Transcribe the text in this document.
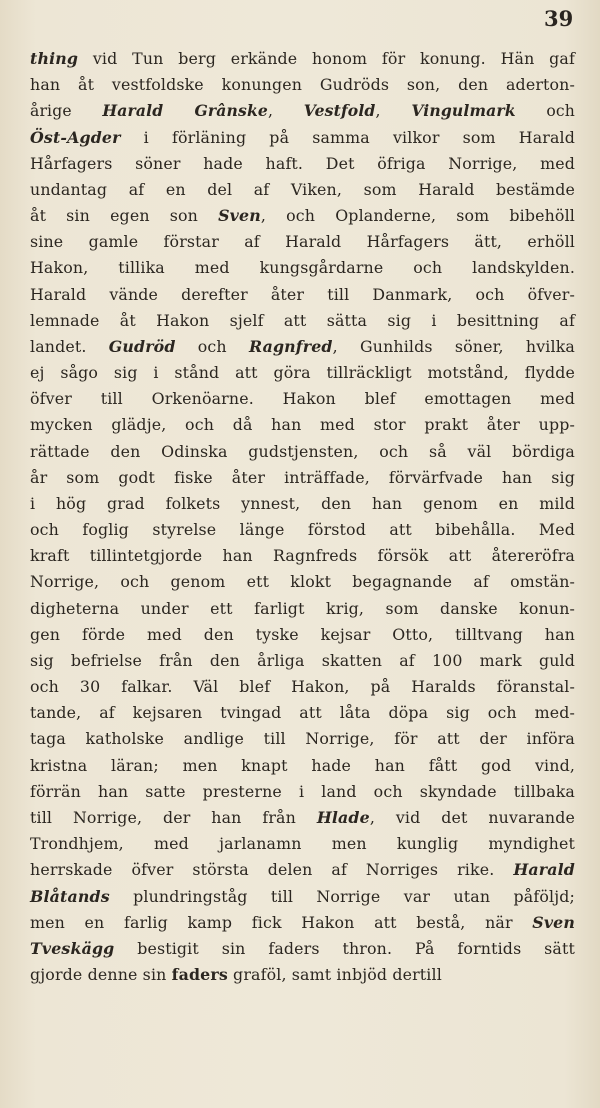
39
thing vid Tun berg erkände honom för konung. Hän gaf
han åt vestfoldske konungen Gudröds son, den aderton-
årige Harald Grânske, Vestfold, Vingulmark och
Öst-Agder i förläning på samma vilkor som Harald
Hårfagers söner hade haft. Det öfriga Norrige, med
undantag af en del af Viken, som Harald bestämde
åt sin egen son Sven, och Oplanderne, som bibehöll
sine gamle förstar af Harald Hårfagers ätt, erhöll
Hakon, tillika med kungsgårdarne och landskylden.
Harald vände derefter åter till Danmark, och öfver-
lemnade åt Hakon sjelf att sätta sig i besittning af
landet. Gudröd och Ragnfred, Gunhilds söner, hvilka
ej sågo sig i stånd att göra tillräckligt motstånd, flydde
öfver till Orkenöarne. Hakon blef emottagen med
mycken glädje, och då han med stor prakt åter upp-
rättade den Odinska gudstjensten, och så väl bördiga
år som godt fiske åter inträffade, förvärfvade han sig
i hög grad folkets ynnest, den han genom en mild
och foglig styrelse länge förstod att bibehålla. Med
kraft tillintetgjorde han Ragnfreds försök att återeröfra
Norrige, och genom ett klokt begagnande af omstän-
digheterna under ett farligt krig, som danske konun-
gen förde med den tyske kejsar Otto, tilltvang han
sig befrielse från den årliga skatten af 100 mark guld
och 30 falkar. Väl blef Hakon, på Haralds föranstal-
tande, af kejsaren tvingad att låta döpa sig och med-
taga katholske andlige till Norrige, för att der införa
kristna läran; men knapt hade han fått god vind,
förrän han satte presterne i land och skyndade tillbaka
till Norrige, der han från Hlade, vid det nuvarande
Trondhjem, med jarlanamn men kunglig myndighet
herrskade öfver största delen af Norriges rike. Harald
Blåtands plundringståg till Norrige var utan påföljd;
men en farlig kamp fick Hakon att bestå, när Sven
Tveskägg bestigit sin faders thron. På forntids sätt
gjorde denne sin faders graföl, samt inbjöd dertill
